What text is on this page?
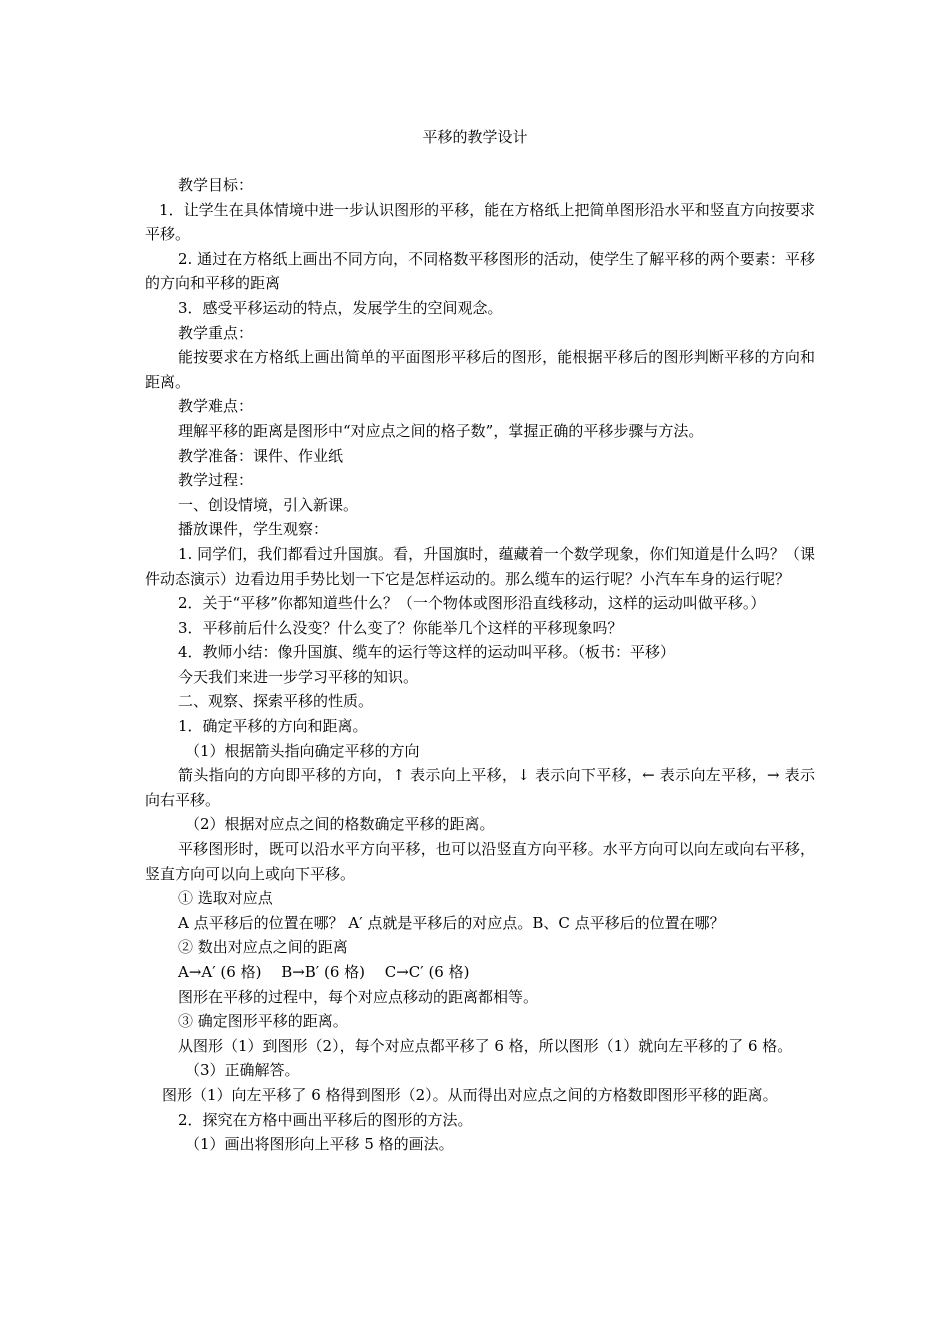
平移的教学设计

教学目标：

1．让学生在具体情境中进一步认识图形的平移，能在方格纸上把简单图形沿水平和竖直方向按要求平移。

2. 通过在方格纸上画出不同方向，不同格数平移图形的活动，使学生了解平移的两个要素：平移的方向和平移的距离

3．感受平移运动的特点，发展学生的空间观念。

教学重点：

能按要求在方格纸上画出简单的平面图形平移后的图形，能根据平移后的图形判断平移的方向和距离。

教学难点：

理解平移的距离是图形中“对应点之间的格子数”，掌握正确的平移步骤与方法。

教学准备：课件、作业纸

教学过程：

一、创设情境，引入新课。

播放课件，学生观察：

1. 同学们，我们都看过升国旗。看，升国旗时，蕴藏着一个数学现象，你们知道是什么吗？（课件动态演示）边看边用手势比划一下它是怎样运动的。那么缆车的运行呢？小汽车车身的运行呢？

2．关于“平移”你都知道些什么？（一个物体或图形沿直线移动，这样的运动叫做平移。）

3．平移前后什么没变？什么变了？你能举几个这样的平移现象吗？

4．教师小结：像升国旗、缆车的运行等这样的运动叫平移。（板书：平移）

今天我们来进一步学习平移的知识。

二、观察、探索平移的性质。

1．确定平移的方向和距离。

（1）根据箭头指向确定平移的方向

箭头指向的方向即平移的方向，↑ 表示向上平移，↓ 表示向下平移，← 表示向左平移，→ 表示向右平移。

（2）根据对应点之间的格数确定平移的距离。

平移图形时，既可以沿水平方向平移，也可以沿竖直方向平移。水平方向可以向左或向右平移，竖直方向可以向上或向下平移。

① 选取对应点

A 点平移后的位置在哪？ A′ 点就是平移后的对应点。B、C 点平移后的位置在哪？

② 数出对应点之间的距离

A→A′ (6 格)　 B→B′ (6 格)　 C→C′ (6 格)

图形在平移的过程中，每个对应点移动的距离都相等。

③ 确定图形平移的距离。

从图形（1）到图形（2），每个对应点都平移了 6 格，所以图形（1）就向左平移的了 6 格。

（3）正确解答。

图形（1）向左平移了 6 格得到图形（2）。从而得出对应点之间的方格数即图形平移的距离。

2．探究在方格中画出平移后的图形的方法。

（1）画出将图形向上平移 5 格的画法。
